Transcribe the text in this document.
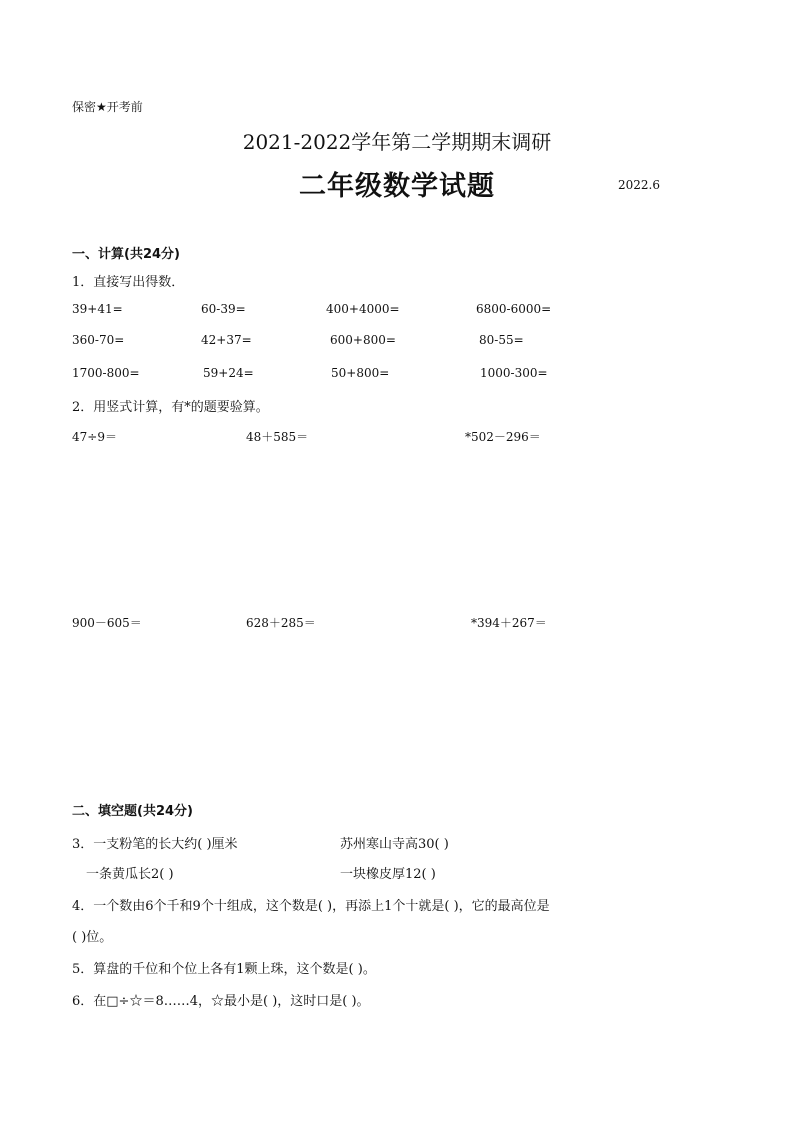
保密★开考前
2021-2022学年第二学期期末调研
二年级数学试题	2022.6
一、计算(共24分)
1．直接写出得数．
39+41=	60-39=	400+4000=	6800-6000=
360-70=	42+37=	600+800=	80-55=
1700-800=	59+24=	50+800=	1000-300=
2．用竖式计算，有*的题要验算。
47÷9＝	48＋585＝	*502－296＝
900－605＝	628＋285＝	*394＋267＝
二、填空题(共24分)
3．一支粉笔的长大约( )厘米	苏州寒山寺高30( )
一条黄瓜长2( )	一块橡皮厚12( )
4．一个数由6个千和9个十组成，这个数是( )，再添上1个十就是( )，它的最高位是
( )位。
5．算盘的千位和个位上各有1颗上珠，这个数是( )。
6．在□÷☆＝8……4，☆最小是( )，这时口是( )。
